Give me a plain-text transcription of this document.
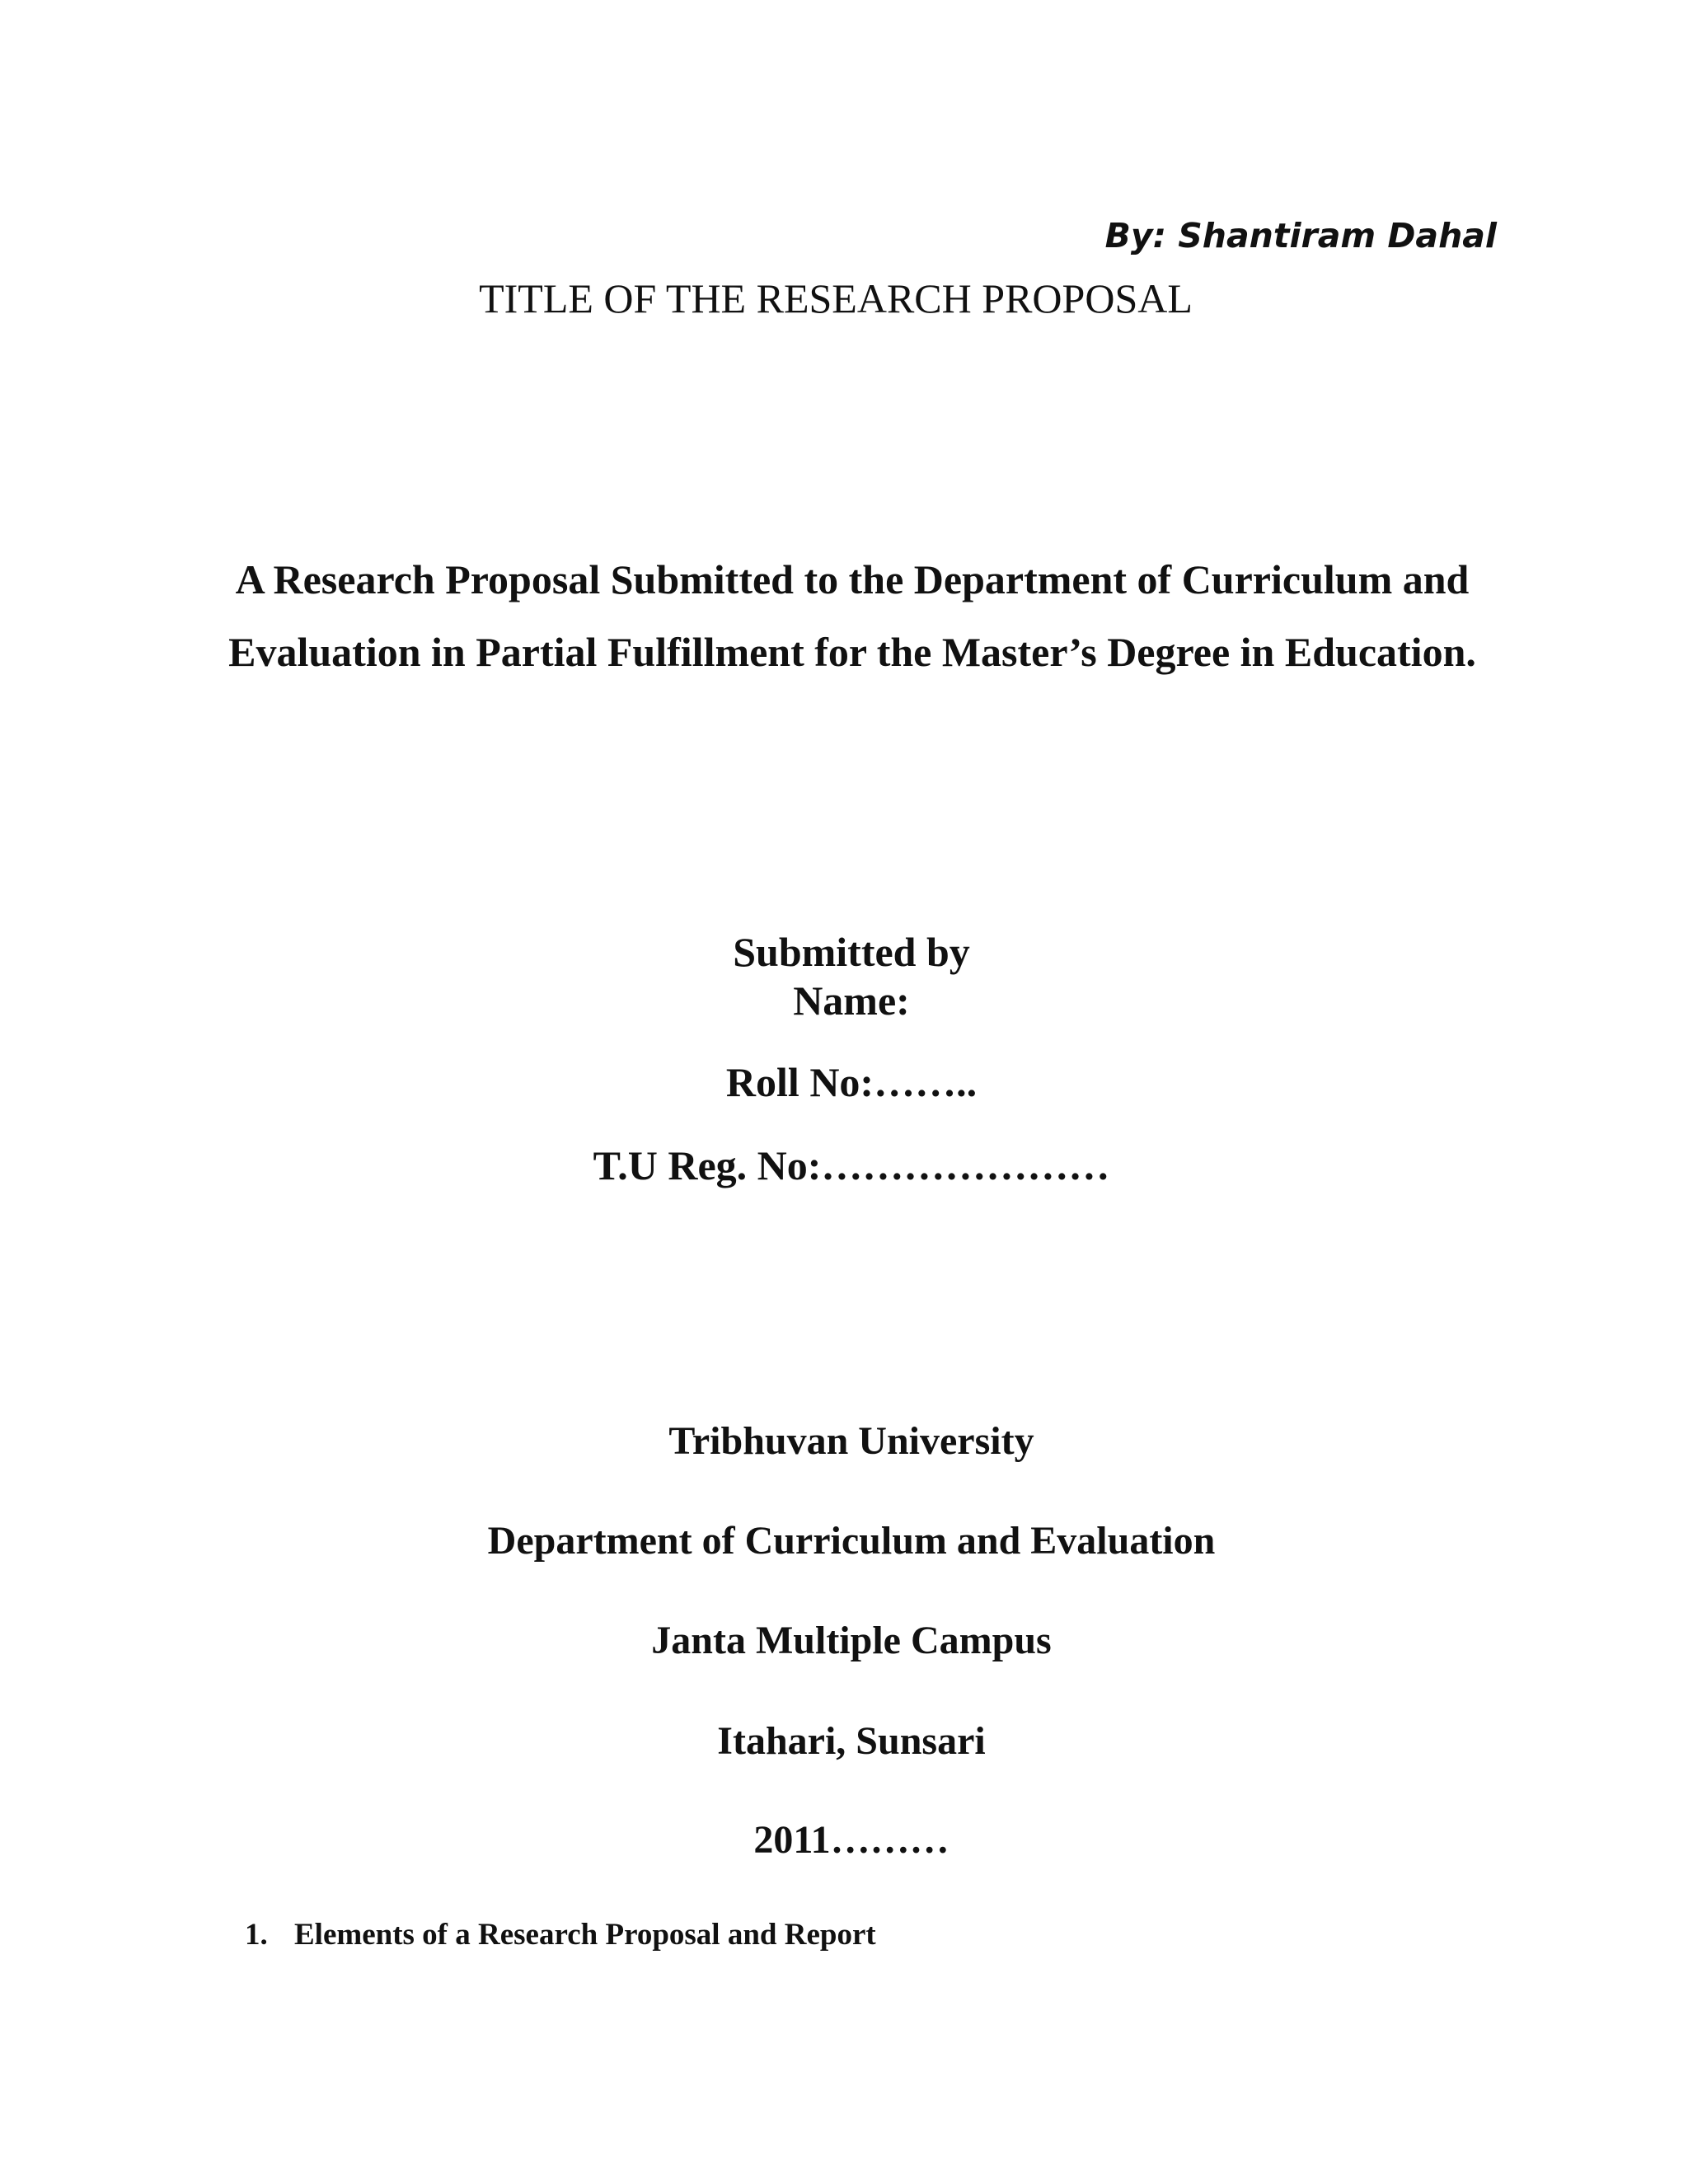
By: Shantiram Dahal
TITLE OF THE RESEARCH PROPOSAL
A Research Proposal Submitted to the Department of Curriculum and
Evaluation in Partial Fulfillment for the Master’s Degree in Education.
Submitted by
Name:
Roll No:……..
T.U Reg. No:…………………
Tribhuvan University
Department of Curriculum and Evaluation
Janta Multiple Campus
Itahari, Sunsari
2011………
1. Elements of a Research Proposal and Report
